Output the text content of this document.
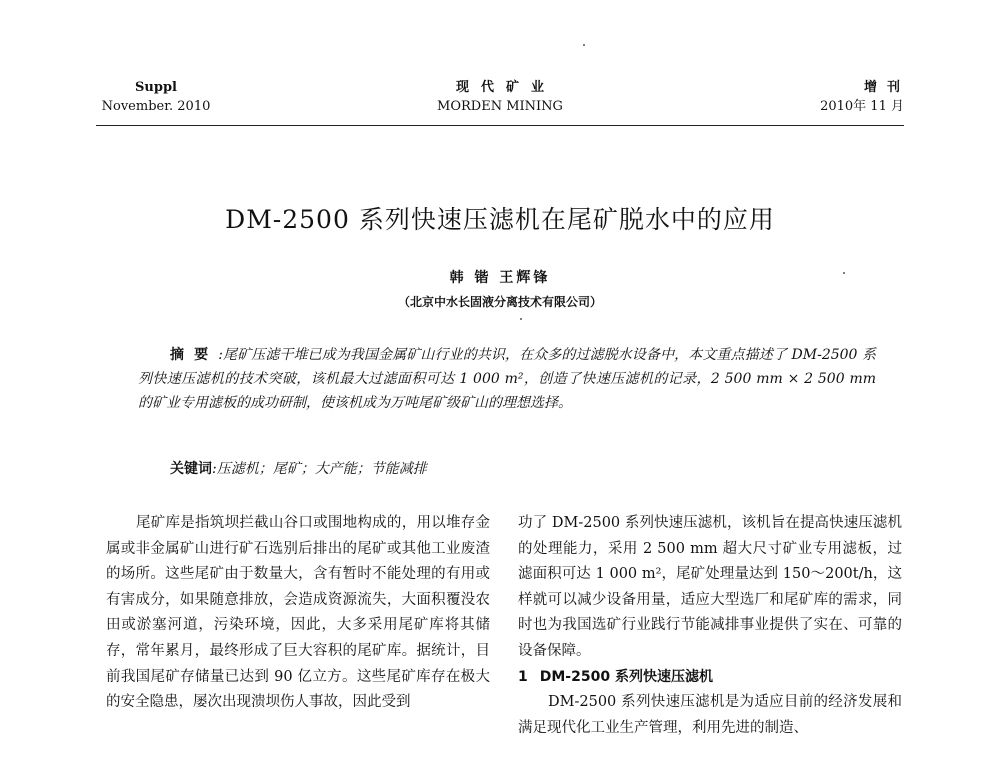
Suppl
November. 2010
现代矿业
MORDEN MINING
增刊
2010年 11 月
DM-2500 系列快速压滤机在尾矿脱水中的应用
韩 锴 王辉锋
（北京中水长固液分离技术有限公司）
摘要:尾矿压滤干堆已成为我国金属矿山行业的共识，在众多的过滤脱水设备中，本文重点描述了 DM-2500 系列快速压滤机的技术突破，该机最大过滤面积可达 1 000 m²，创造了快速压滤机的记录，2 500 mm × 2 500 mm 的矿业专用滤板的成功研制，使该机成为万吨尾矿级矿山的理想选择。
关键词:压滤机；尾矿；大产能；节能减排

尾矿库是指筑坝拦截山谷口或围地构成的，用以堆存金属或非金属矿山进行矿石选别后排出的尾矿或其他工业废渣的场所。这些尾矿由于数量大，含有暂时不能处理的有用或有害成分，如果随意排放，会造成资源流失，大面积覆没农田或淤塞河道，污染环境，因此，大多采用尾矿库将其储存，常年累月，最终形成了巨大容积的尾矿库。据统计，目前我国尾矿存储量已达到 90 亿立方。这些尾矿库存在极大的安全隐患，屡次出现溃坝伤人事故，因此受到

功了 DM-2500 系列快速压滤机，该机旨在提高快速压滤机的处理能力，采用 2 500 mm 超大尺寸矿业专用滤板，过滤面积可达 1 000 m²，尾矿处理量达到 150～200t/h，这样就可以减少设备用量，适应大型选厂和尾矿库的需求，同时也为我国选矿行业践行节能减排事业提供了实在、可靠的设备保障。

1 DM-2500 系列快速压滤机

DM-2500 系列快速压滤机是为适应目前的经济发展和满足现代化工业生产管理，利用先进的制造、
